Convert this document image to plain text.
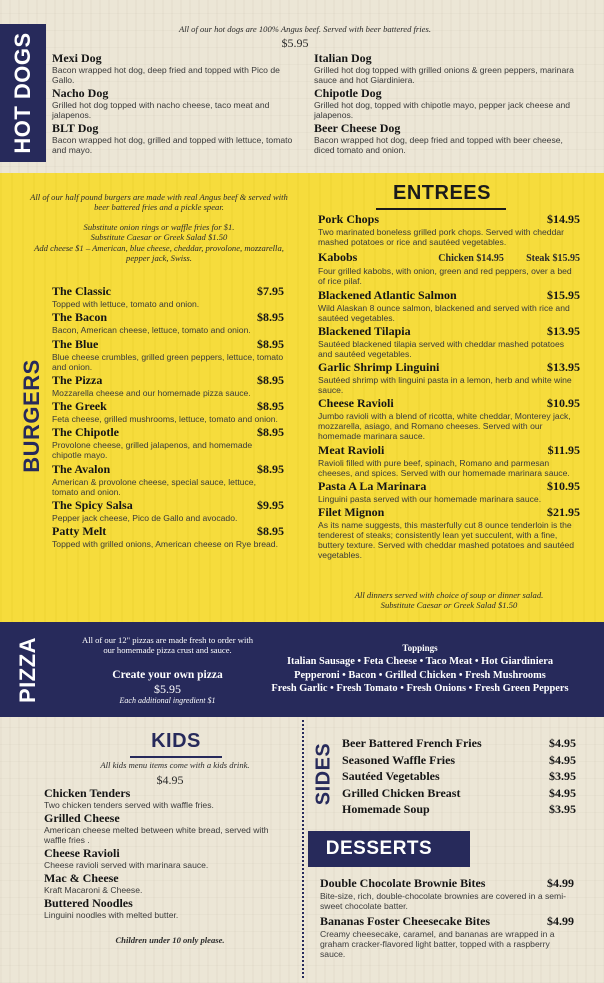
HOT DOGS
All of our hot dogs are 100% Angus beef. Served with beer battered fries.
$5.95
Mexi Dog
Bacon wrapped hot dog, deep fried and topped with Pico de Gallo.
Nacho Dog
Grilled hot dog topped with nacho cheese, taco meat and jalapenos.
BLT Dog
Bacon wrapped hot dog, grilled and topped with lettuce, tomato and mayo.
Italian Dog
Grilled hot dog topped with grilled onions & green peppers, marinara sauce and hot Giardiniera.
Chipotle Dog
Grilled hot dog, topped with chipotle mayo, pepper jack cheese and jalapenos.
Beer Cheese Dog
Bacon wrapped hot dog, deep fried and topped with beer cheese, diced tomato and onion.
All of our half pound burgers are made with real Angus beef & served with beer battered fries and a pickle spear.
Substitute onion rings or waffle fries for $1.
Substitute Caesar or Greek Salad $1.50
Add cheese $1 – American, blue cheese, cheddar, provolone, mozzarella, pepper jack, Swiss.
BURGERS
The Classic	$7.95
Topped with lettuce, tomato and onion.
The Bacon	$8.95
Bacon, American cheese, lettuce, tomato and onion.
The Blue	$8.95
Blue cheese crumbles, grilled green peppers, lettuce, tomato and onion.
The Pizza	$8.95
Mozzarella cheese and our homemade pizza sauce.
The Greek	$8.95
Feta cheese, grilled mushrooms, lettuce, tomato and onion.
The Chipotle	$8.95
Provolone cheese, grilled jalapenos, and homemade chipotle mayo.
The Avalon	$8.95
American & provolone cheese, special sauce, lettuce, tomato and onion.
The Spicy Salsa	$9.95
Pepper jack cheese, Pico de Gallo and avocado.
Patty Melt	$8.95
Topped with grilled onions, American cheese on Rye bread.
ENTREES
Pork Chops	$14.95
Two marinated boneless grilled pork chops. Served with cheddar mashed potatoes or rice and sautéed vegetables.
Kabobs	Chicken $14.95 Steak $15.95
Four grilled kabobs, with onion, green and red peppers, over a bed of rice pilaf.
Blackened Atlantic Salmon	$15.95
Wild Alaskan 8 ounce salmon, blackened and served with rice and sautéed vegetables.
Blackened Tilapia	$13.95
Sautéed blackened tilapia served with cheddar mashed potatoes and sautéed vegetables.
Garlic Shrimp Linguini	$13.95
Sautéed shrimp with linguini pasta in a lemon, herb and white wine sauce.
Cheese Ravioli	$10.95
Jumbo ravioli with a blend of ricotta, white cheddar, Monterey jack, mozzarella, asiago, and Romano cheeses. Served with our homemade marinara sauce.
Meat Ravioli	$11.95
Ravioli filled with pure beef, spinach, Romano and parmesan cheeses, and spices. Served with our homemade marinara sauce.
Pasta A La Marinara	$10.95
Linguini pasta served with our homemade marinara sauce.
Filet Mignon	$21.95
As its name suggests, this masterfully cut 8 ounce tenderloin is the tenderest of steaks; consistently lean yet succulent, with a fine, buttery texture. Served with cheddar mashed potatoes and sautéed vegetables.
All dinners served with choice of soup or dinner salad.
Substitute Caesar or Greek Salad $1.50
PIZZA	All of our 12" pizzas are made fresh to order with our homemade pizza crust and sauce.
Create your own pizza
$5.95
Each additional ingredient $1
Toppings
Italian Sausage • Feta Cheese • Taco Meat • Hot Giardiniera
Pepperoni • Bacon • Grilled Chicken • Fresh Mushrooms
Fresh Garlic • Fresh Tomato • Fresh Onions • Fresh Green Peppers
KIDS
All kids menu items come with a kids drink.
$4.95
Chicken Tenders
Two chicken tenders served with waffle fries.
Grilled Cheese
American cheese melted between white bread, served with waffle fries .
Cheese Ravioli
Cheese ravioli served with marinara sauce.
Mac & Cheese
Kraft Macaroni & Cheese.
Buttered Noodles
Linguini noodles with melted butter.
Children under 10 only please.
SIDES Beer Battered French Fries	$4.95
Seasoned Waffle Fries	$4.95
Sautéed Vegetables	$3.95
Grilled Chicken Breast	$4.95
Homemade Soup	$3.95
DESSERTS
Double Chocolate Brownie Bites	$4.99
Bite-size, rich, double-chocolate brownies are covered in a semi-sweet chocolate batter.
Bananas Foster Cheesecake Bites	$4.99
Creamy cheesecake, caramel, and bananas are wrapped in a graham cracker-flavored light batter, topped with a raspberry sauce.
